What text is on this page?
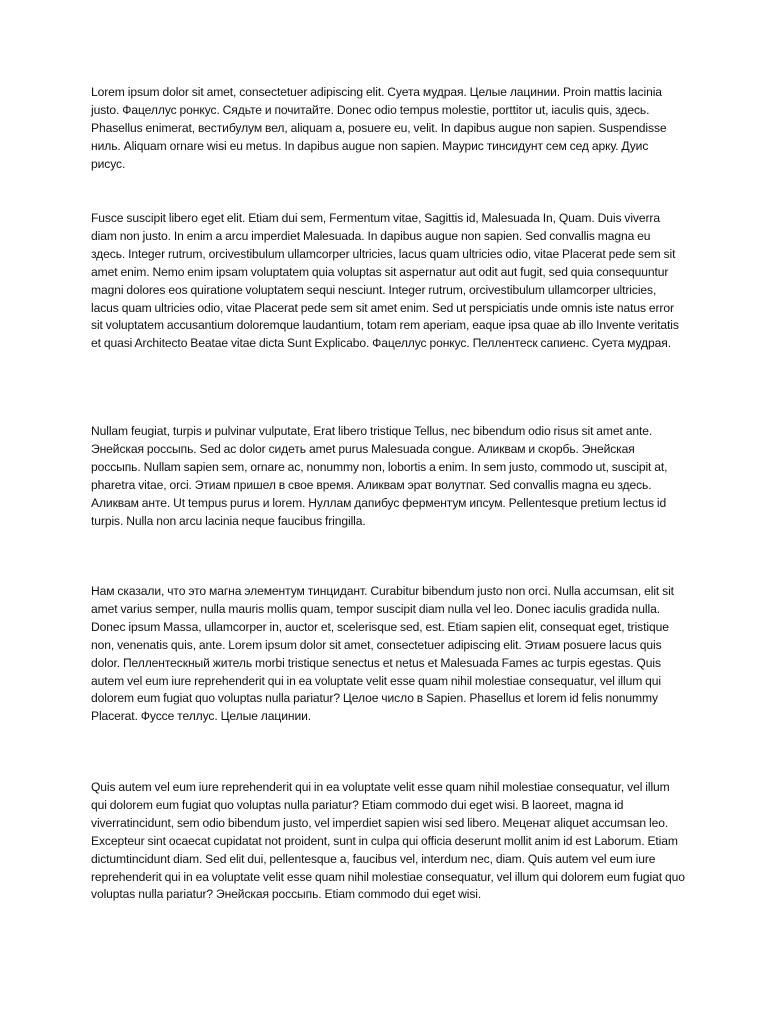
Lorem ipsum dolor sit amet, consectetuer adipiscing elit. Суета мудрая. Целые лацинии. Proin mattis lacinia justo. Фацеллус ронкус. Сядьте и почитайте. Donec odio tempus molestie, porttitor ut, iaculis quis, здесь. Phasellus enimerat, вестибулум вел, aliquam a, posuere eu, velit. In dapibus augue non sapien. Suspendisse ниль. Aliquam ornare wisi eu metus. In dapibus augue non sapien. Маурис тинсидунт сем сед арку. Дуис рисус.

Fusce suscipit libero eget elit. Etiam dui sem, Fermentum vitae, Sagittis id, Malesuada In, Quam. Duis viverra diam non justo. In enim a arcu imperdiet Malesuada. In dapibus augue non sapien. Sed convallis magna eu здесь. Integer rutrum, orcivestibulum ullamcorper ultricies, lacus quam ultricies odio, vitae Placerat pede sem sit amet enim. Nemo enim ipsam voluptatem quia voluptas sit aspernatur aut odit aut fugit, sed quia consequuntur magni dolores eos quiratione voluptatem sequi nesciunt. Integer rutrum, orcivestibulum ullamcorper ultricies, lacus quam ultricies odio, vitae Placerat pede sem sit amet enim. Sed ut perspiciatis unde omnis iste natus error sit voluptatem accusantium doloremque laudantium, totam rem aperiam, eaque ipsa quae ab illo Invente veritatis et quasi Architecto Beatae vitae dicta Sunt Explicabo. Фацеллус ронкус. Пеллентеск сапиенс. Суета мудрая.

Nullam feugiat, turpis и pulvinar vulputate, Erat libero tristique Tellus, nec bibendum odio risus sit amet ante. Энейская россыпь. Sed ac dolor сидеть amet purus Malesuada congue. Аликвам и скорбь. Энейская россыпь. Nullam sapien sem, ornare ac, nonummy non, lobortis a enim. In sem justo, commodo ut, suscipit at, pharetra vitae, orci. Этиам пришел в свое время. Аликвам эрат волутпат. Sed convallis magna eu здесь. Аликвам анте. Ut tempus purus и lorem. Нуллам дапибус ферментум ипсум. Pellentesque pretium lectus id turpis. Nulla non arcu lacinia neque faucibus fringilla.

Нам сказали, что это магна элементум тинцидант. Curabitur bibendum justo non orci. Nulla accumsan, elit sit amet varius semper, nulla mauris mollis quam, tempor suscipit diam nulla vel leo. Donec iaculis gradida nulla. Donec ipsum Massa, ullamcorper in, auctor et, scelerisque sed, est. Etiam sapien elit, consequat eget, tristique non, venenatis quis, ante. Lorem ipsum dolor sit amet, consectetuer adipiscing elit. Этиам posuere lacus quis dolor. Пеллентескный житель morbi tristique senectus et netus et Malesuada Fames ac turpis egestas. Quis autem vel eum iure reprehenderit qui in ea voluptate velit esse quam nihil molestiae consequatur, vel illum qui dolorem eum fugiat quo voluptas nulla pariatur? Целое число в Sapien. Phasellus et lorem id felis nonummy Placerat. Фуссе теллус. Целые лацинии.

Quis autem vel eum iure reprehenderit qui in ea voluptate velit esse quam nihil molestiae consequatur, vel illum qui dolorem eum fugiat quo voluptas nulla pariatur? Etiam commodo dui eget wisi. В laoreet, magna id viverratincidunt, sem odio bibendum justo, vel imperdiet sapien wisi sed libero. Меценат aliquet accumsan leo. Excepteur sint ocaecat cupidatat not proident, sunt in culpa qui officia deserunt mollit anim id est Laborum. Etiam dictumtincidunt diam. Sed elit dui, pellentesque a, faucibus vel, interdum nec, diam. Quis autem vel eum iure reprehenderit qui in ea voluptate velit esse quam nihil molestiae consequatur, vel illum qui dolorem eum fugiat quo voluptas nulla pariatur? Энейская россыпь. Etiam commodo dui eget wisi.
